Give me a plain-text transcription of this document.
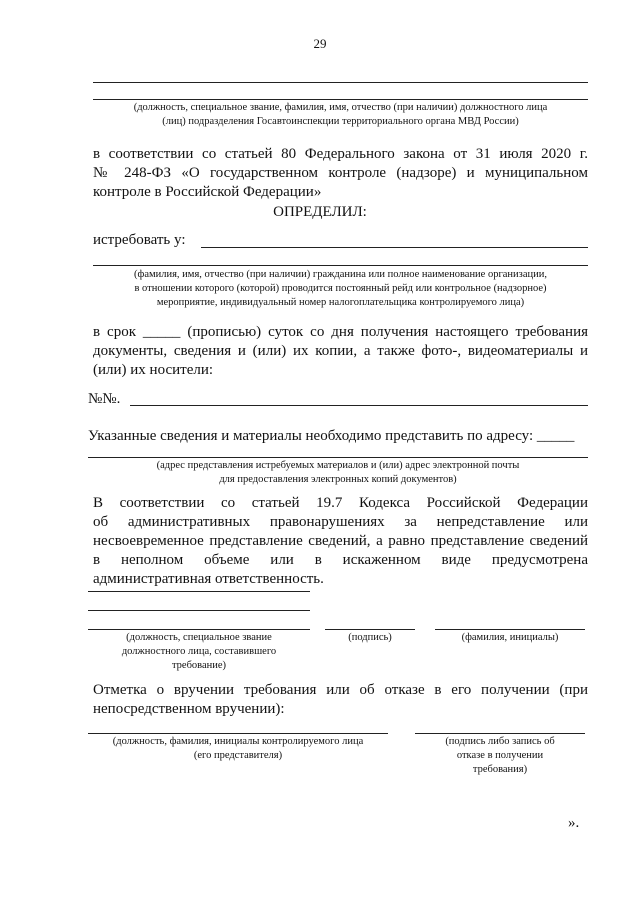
29
(должность, специальное звание, фамилия, имя, отчество (при наличии) должностного лица
(лиц) подразделения Госавтоинспекции территориального органа МВД России)
в соответствии со статьей 80 Федерального закона от 31 июля 2020 г.
№ 248-ФЗ «О государственном контроле (надзоре) и муниципальном
контроле в Российской Федерации»
ОПРЕДЕЛИЛ:
истребовать у:
(фамилия, имя, отчество (при наличии) гражданина или полное наименование организации,
в отношении которого (которой) проводится постоянный рейд или контрольное (надзорное)
мероприятие, индивидуальный номер налогоплательщика контролируемого лица)
в срок _____ (прописью) суток со дня получения настоящего требования
документы, сведения и (или) их копии, а также фото-, видеоматериалы и
(или) их носители:
№№.
Указанные сведения и материалы необходимо представить по адресу: _____
(адрес представления истребуемых материалов и (или) адрес электронной почты
для предоставления электронных копий документов)
В соответствии со статьей 19.7 Кодекса Российской Федерации
об административных правонарушениях за непредставление или
несвоевременное представление сведений, а равно представление сведений
в неполном объеме или в искаженном виде предусмотрена
административная ответственность.
(должность, специальное звание
должностного лица, составившего
требование)
(подпись)	(фамилия, инициалы)
Отметка о вручении требования или об отказе в его получении (при
непосредственном вручении):
(должность, фамилия, инициалы контролируемого лица
(его представителя)
(подпись либо запись об
отказе в получении
требования)
».
